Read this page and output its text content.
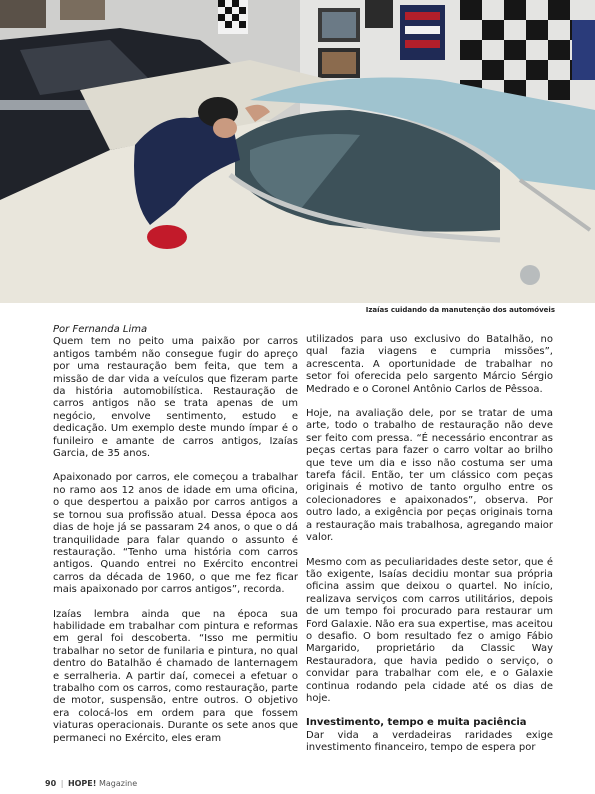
Izaías cuidando da manutenção dos automóveis

Por Fernanda Lima

Quem tem no peito uma paixão por carros antigos também não consegue fugir do apreço por uma restauração bem feita, que tem a missão de dar vida a veículos que fizeram parte da história automobilística. Restauração de carros antigos não se trata apenas de um negócio, envolve sentimento, estudo e dedicação. Um exemplo deste mundo ímpar é o funileiro e amante de carros antigos, Izaías Garcia, de 35 anos.

Apaixonado por carros, ele começou a trabalhar no ramo aos 12 anos de idade em uma oficina, o que despertou a paixão por carros antigos a se tornou sua profissão atual. Dessa época aos dias de hoje já se passaram 24 anos, o que o dá tranquilidade para falar quando o assunto é restauração. “Tenho uma história com carros antigos. Quando entrei no Exército encontrei carros da década de 1960, o que me fez ficar mais apaixonado por carros antigos”, recorda.

Izaías lembra ainda que na época sua habilidade em trabalhar com pintura e reformas em geral foi descoberta. “Isso me permitiu trabalhar no setor de funilaria e pintura, no qual dentro do Batalhão é chamado de lanternagem e serralheria. A partir daí, comecei a efetuar o trabalho com os carros, como restauração, parte de motor, suspensão, entre outros. O objetivo era colocá-los em ordem para que fossem viaturas operacionais. Durante os sete anos que permaneci no Exército, eles eram

utilizados para uso exclusivo do Batalhão, no qual fazia viagens e cumpria missões”, acrescenta. A oportunidade de trabalhar no setor foi oferecida pelo sargento Márcio Sérgio Medrado e o Coronel Antônio Carlos de Pêssoa.

Hoje, na avaliação dele, por se tratar de uma arte, todo o trabalho de restauração não deve ser feito com pressa. “É necessário encontrar as peças certas para fazer o carro voltar ao brilho que teve um dia e isso não costuma ser uma tarefa fácil. Então, ter um clássico com peças originais é motivo de tanto orgulho entre os colecionadores e apaixonados”, observa. Por outro lado, a exigência por peças originais torna a restauração mais trabalhosa, agregando maior valor.

Mesmo com as peculiaridades deste setor, que é tão exigente, Isaías decidiu montar sua própria oficina assim que deixou o quartel. No início, realizava serviços com carros utilitários, depois de um tempo foi procurado para restaurar um Ford Galaxie. Não era sua expertise, mas aceitou o desafio. O bom resultado fez o amigo Fábio Margarido, proprietário da Classic Way Restauradora, que havia pedido o serviço, o convidar para trabalhar com ele, e o Galaxie continua rodando pela cidade até os dias de hoje.

Investimento, tempo e muita paciência

Dar vida a verdadeiras raridades exige investimento financeiro, tempo de espera por

90 | HOPE! Magazine
